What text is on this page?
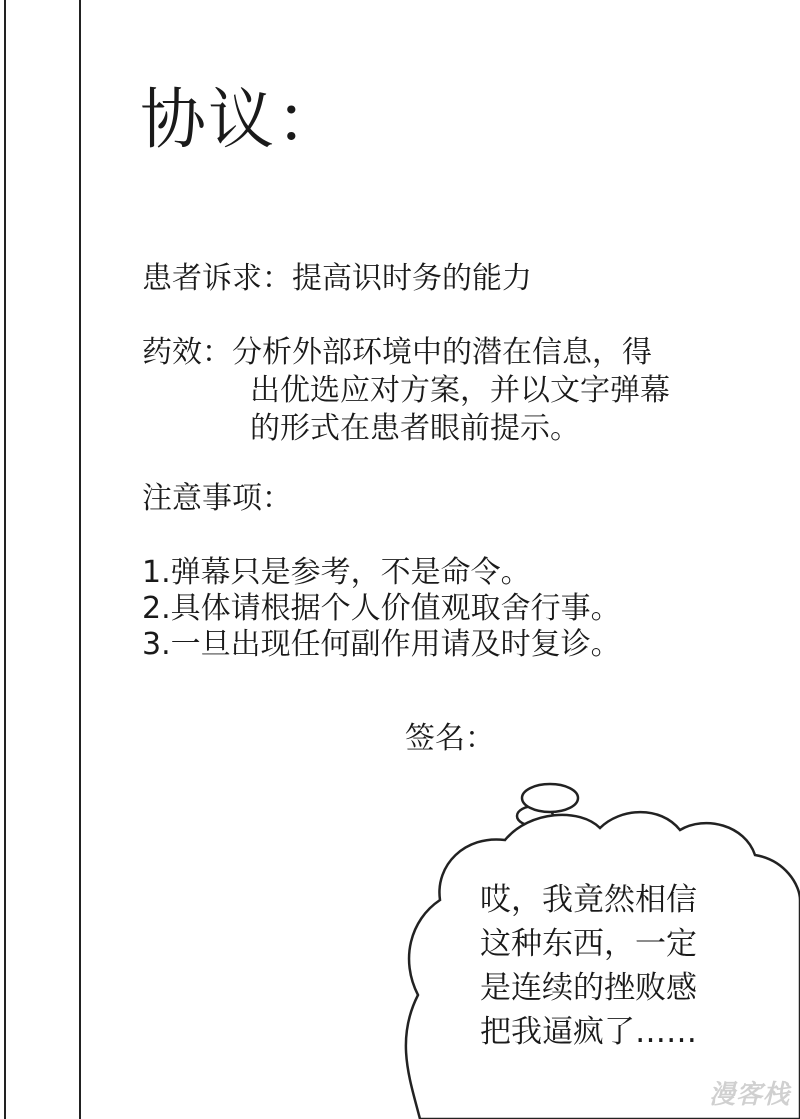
协议：
患者诉求：提高识时务的能力
药效：分析外部环境中的潜在信息，得
出优选应对方案，并以文字弹幕
的形式在患者眼前提示。
注意事项：
1.弹幕只是参考，不是命令。
2.具体请根据个人价值观取舍行事。
3.一旦出现任何副作用请及时复诊。
签名：
哎，我竟然相信
这种东西，一定
是连续的挫败感
把我逼疯了……
漫客栈
